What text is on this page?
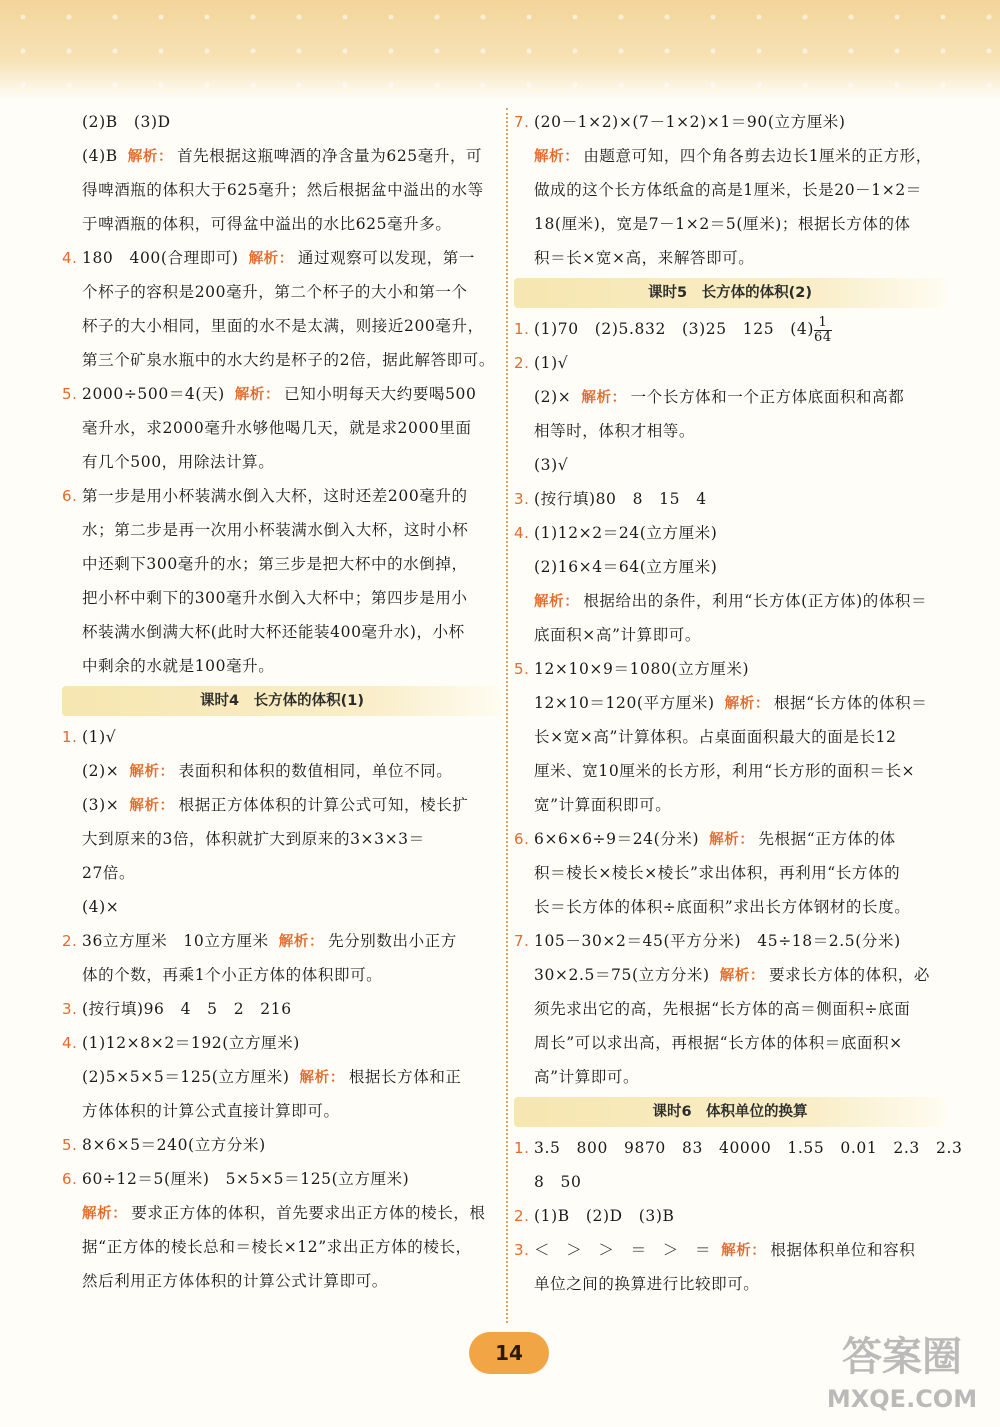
(2)B　(3)D
(4)B 解析： 首先根据这瓶啤酒的净含量为625毫升，可
得啤酒瓶的体积大于625毫升；然后根据盆中溢出的水等
于啤酒瓶的体积，可得盆中溢出的水比625毫升多。
4. 180　400(合理即可) 解析： 通过观察可以发现，第一
个杯子的容积是200毫升，第二个杯子的大小和第一个
杯子的大小相同，里面的水不是太满，则接近200毫升，
第三个矿泉水瓶中的水大约是杯子的2倍，据此解答即可。
5. 2000÷500＝4(天) 解析： 已知小明每天大约要喝500
毫升水，求2000毫升水够他喝几天，就是求2000里面
有几个500，用除法计算。
6. 第一步是用小杯装满水倒入大杯，这时还差200毫升的
水；第二步是再一次用小杯装满水倒入大杯，这时小杯
中还剩下300毫升的水；第三步是把大杯中的水倒掉，
把小杯中剩下的300毫升水倒入大杯中；第四步是用小
杯装满水倒满大杯(此时大杯还能装400毫升水)，小杯
中剩余的水就是100毫升。
课时4　长方体的体积(1)
1. (1)√
(2)× 解析： 表面积和体积的数值相同，单位不同。
(3)× 解析： 根据正方体体积的计算公式可知，棱长扩
大到原来的3倍，体积就扩大到原来的3×3×3＝
27倍。
(4)×
2. 36立方厘米　10立方厘米 解析： 先分别数出小正方
体的个数，再乘1个小正方体的体积即可。
3. (按行填)96　4　5　2　216
4. (1)12×8×2＝192(立方厘米)
(2)5×5×5＝125(立方厘米) 解析： 根据长方体和正
方体体积的计算公式直接计算即可。
5. 8×6×5＝240(立方分米)
6. 60÷12＝5(厘米)　5×5×5＝125(立方厘米)
解析： 要求正方体的体积，首先要求出正方体的棱长，根
据“正方体的棱长总和＝棱长×12”求出正方体的棱长，
然后利用正方体体积的计算公式计算即可。
7. (20－1×2)×(7－1×2)×1＝90(立方厘米)
解析： 由题意可知，四个角各剪去边长1厘米的正方形，
做成的这个长方体纸盒的高是1厘米，长是20－1×2＝
18(厘米)，宽是7－1×2＝5(厘米)；根据长方体的体
积＝长×宽×高，来解答即可。
课时5　长方体的体积(2)
1. (1)70　(2)5.832　(3)25　125　$(4) \frac{1}{64}$
2. (1)√
(2)× 解析： 一个长方体和一个正方体底面积和高都
相等时，体积才相等。
(3)√
3. (按行填)80　8　15　4
4. (1)12×2＝24(立方厘米)
(2)16×4＝64(立方厘米)
解析： 根据给出的条件，利用“长方体(正方体)的体积＝
底面积×高”计算即可。
5. 12×10×9＝1080(立方厘米)
12×10＝120(平方厘米) 解析： 根据“长方体的体积＝
长×宽×高”计算体积。占桌面面积最大的面是长12
厘米、宽10厘米的长方形，利用“长方形的面积＝长×
宽”计算面积即可。
6. 6×6×6÷9＝24(分米) 解析： 先根据“正方体的体
积＝棱长×棱长×棱长”求出体积，再利用“长方体的
长＝长方体的体积÷底面积”求出长方体钢材的长度。
7. 105－30×2＝45(平方分米)　45÷18＝2.5(分米)
30×2.5＝75(立方分米) 解析： 要求长方体的体积，必
须先求出它的高，先根据“长方体的高＝侧面积÷底面
周长”可以求出高，再根据“长方体的体积＝底面积×
高”计算即可。
课时6　体积单位的换算
1. 3.5　800　9870　83　40000　1.55　0.01　2.3　2.3
8　50
2. (1)B　(2)D　(3)B
3. ＜　＞　＞　＝　＞　＝ 解析： 根据体积单位和容积
单位之间的换算进行比较即可。
14	答案圈
MXQE.COM
